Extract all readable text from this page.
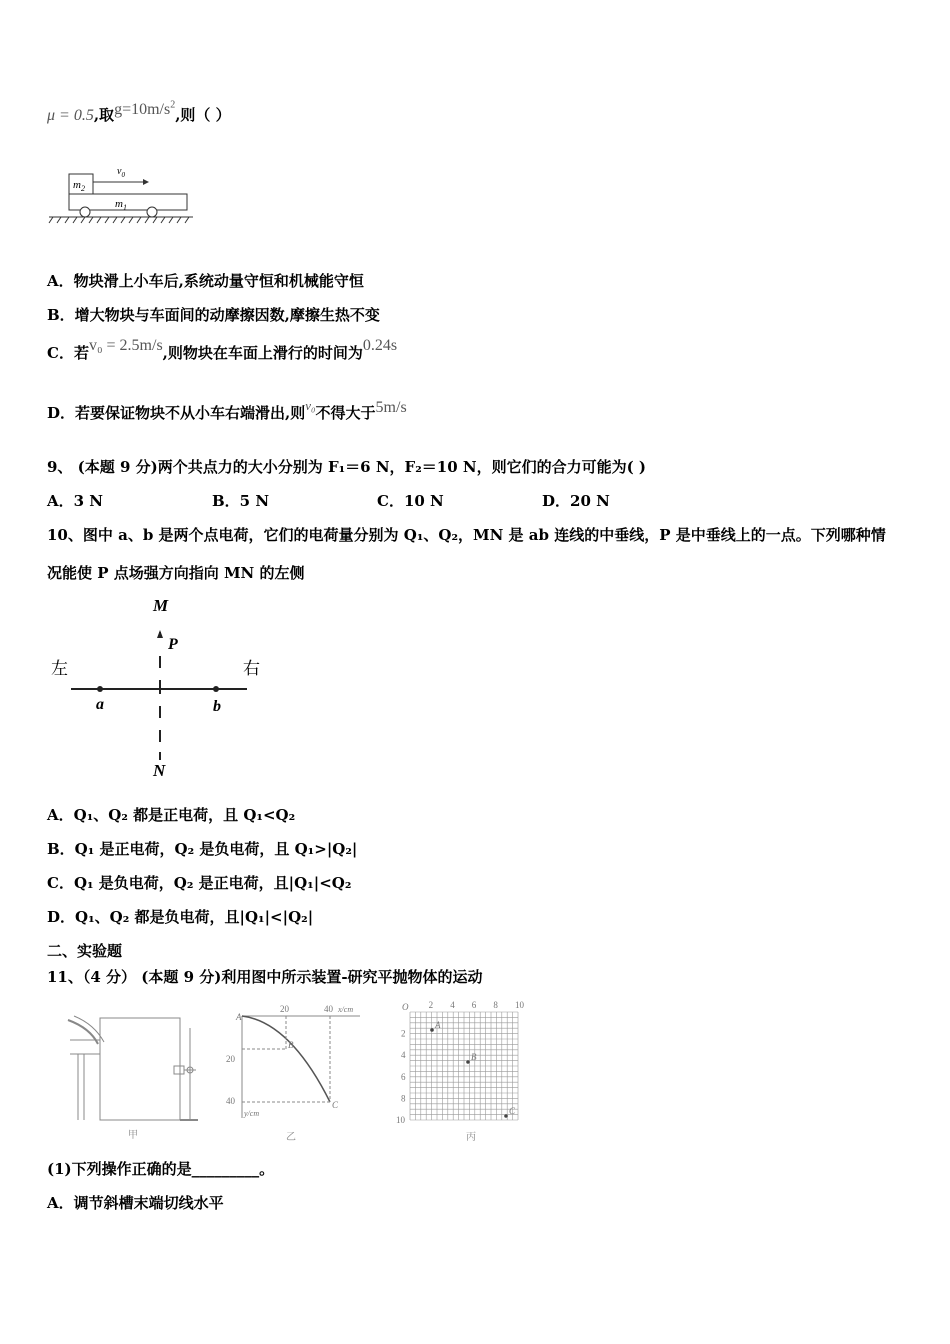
μ = 0.5,取$g=10m/s^2$,则（ ）
$m_2$
$v_0$
$m_1$
A．物块滑上小车后,系统动量守恒和机械能守恒
B．增大物块与车面间的动摩擦因数,摩擦生热不变
C．若v₀ = 2.5m/s,则物块在车面上滑行的时间为0.24s
D．若要保证物块不从小车右端滑出,则v₀不得大于5m/s
9、 (本题 9 分)两个共点力的大小分别为 F₁＝6 N，F₂＝10 N，则它们的合力可能为( )
A．3 N	B．5 N	C．10 N	D．20 N
10、图中 a、b 是两个点电荷，它们的电荷量分别为 Q₁、Q₂，MN 是 ab 连线的中垂线，P 是中垂线上的一点。下列哪种情
况能使 P 点场强方向指向 MN 的左侧
M
N
P
左	右
a	b
A．Q₁、Q₂ 都是正电荷，且 Q₁<Q₂
B．Q₁ 是正电荷，Q₂ 是负电荷，且 Q₁>|Q₂|
C．Q₁ 是负电荷，Q₂ 是正电荷，且|Q₁|<Q₂
D．Q₁、Q₂ 都是负电荷，且|Q₁|<|Q₂|
二、实验题
11、（4 分） (本题 9 分)利用图中所示装置-研究平抛物体的运动
甲
A
B
C
20	40 x/cm
20
40
y/cm
乙
O 2 4 6 8 10
2
4
6
8
10
A
B
C
丙
(1)下列操作正确的是_________。
A．调节斜槽末端切线水平
